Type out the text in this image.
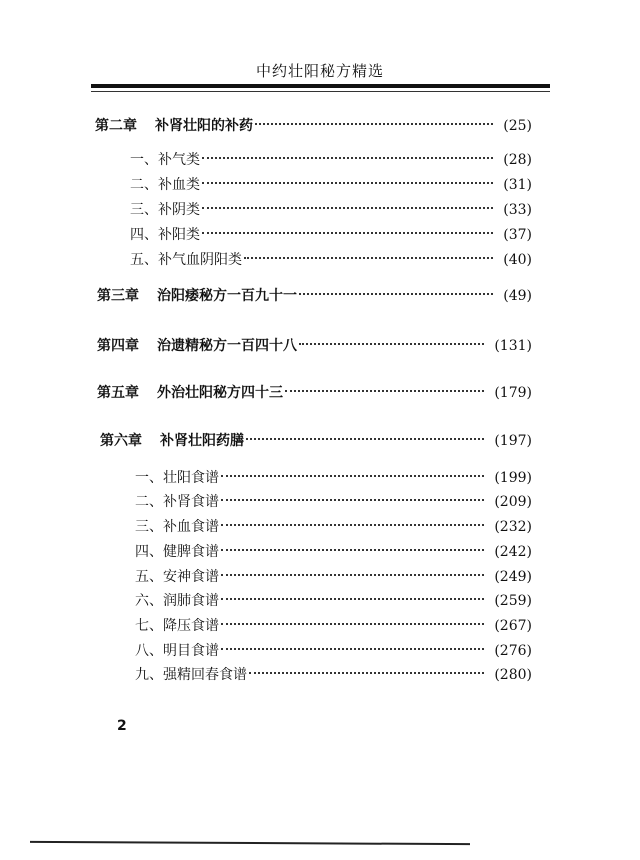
中约壮阳秘方精选
第二章 补肾壮阳的补药	(25)
一、补气类	(28)
二、补血类	(31)
三、补阴类	(33)
四、补阳类	(37)
五、补气血阴阳类	(40)
第三章 治阳痿秘方一百九十一	(49)
第四章 治遗精秘方一百四十八	(131)
第五章 外治壮阳秘方四十三	(179)
第六章 补肾壮阳药膳	(197)
一、壮阳食谱	(199)
二、补肾食谱	(209)
三、补血食谱	(232)
四、健脾食谱	(242)
五、安神食谱	(249)
六、润肺食谱	(259)
七、降压食谱	(267)
八、明目食谱	(276)
九、强精回春食谱	(280)
2
